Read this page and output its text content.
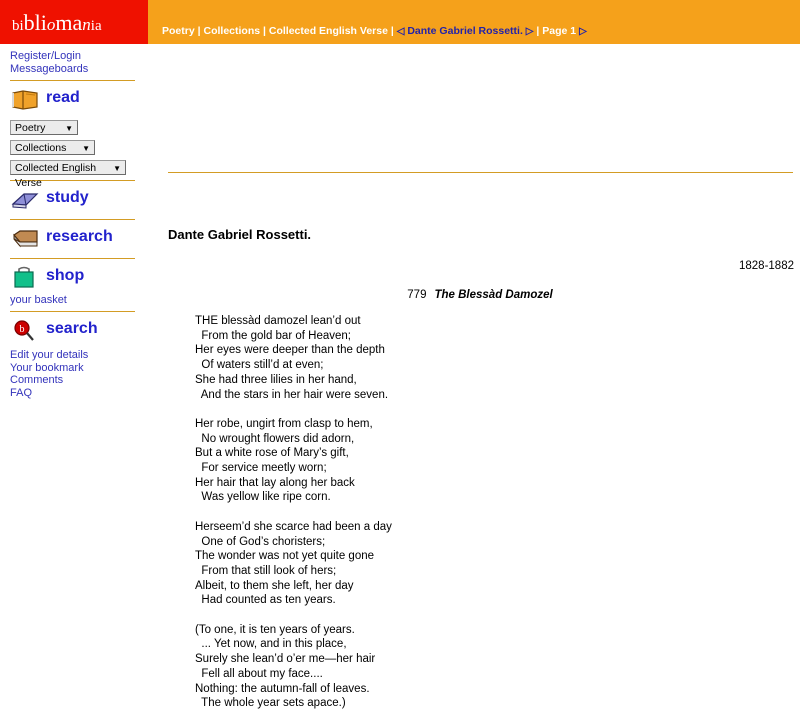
bibliomania	Poetry | Collections | Collected English Verse | ◁ Dante Gabriel Rossetti. ▷ | Page 1 ▷
Register/Login
Messageboards
read
Poetry ▼
Collections ▼
Collected English Verse
▼
study
research
shop
your basket
b search
Edit your details
Your bookmark
Comments
FAQ
Dante Gabriel Rossetti.
1828-1882
779 The Blessàd Damozel
THE blessàd damozel lean’d out
From the gold bar of Heaven;
Her eyes were deeper than the depth
Of waters still’d at even;
She had three lilies in her hand,
And the stars in her hair were seven.
Her robe, ungirt from clasp to hem,
No wrought flowers did adorn,
But a white rose of Mary’s gift,
For service meetly worn;
Her hair that lay along her back
Was yellow like ripe corn.
Herseem’d she scarce had been a day
One of God’s choristers;
The wonder was not yet quite gone
From that still look of hers;
Albeit, to them she left, her day
Had counted as ten years.
(To one, it is ten years of years.
... Yet now, and in this place,
Surely she lean’d o’er me—her hair
Fell all about my face....
Nothing: the autumn-fall of leaves.
The whole year sets apace.)
